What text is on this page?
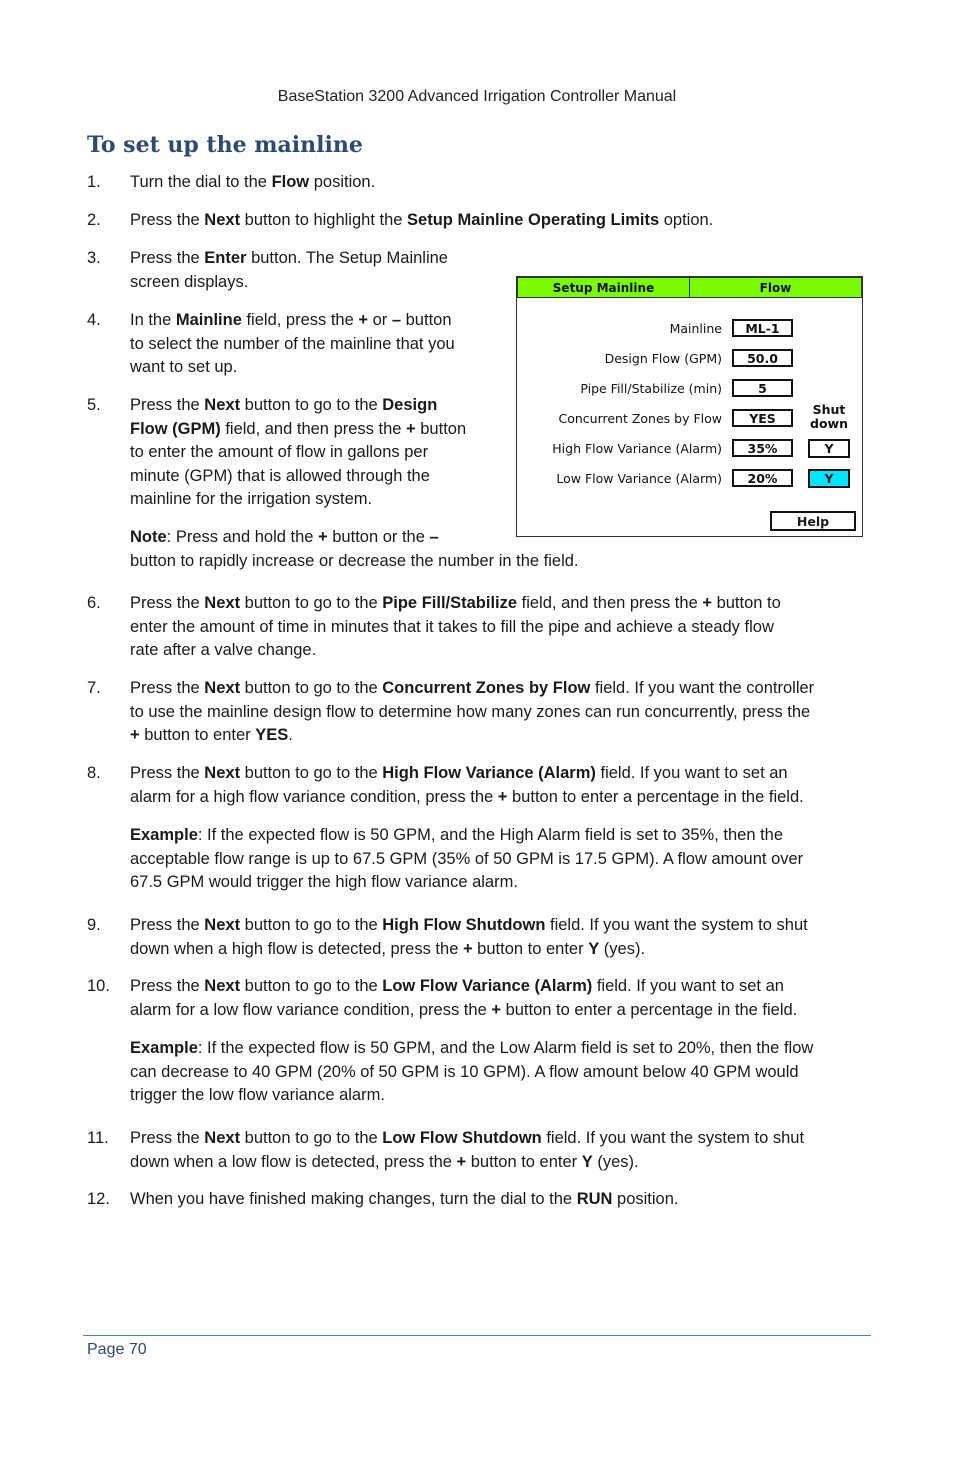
BaseStation 3200 Advanced Irrigation Controller Manual
To set up the mainline
1. Turn the dial to the Flow position.
2. Press the Next button to highlight the Setup Mainline Operating Limits option.
3. Press the Enter button. The Setup Mainline
screen displays.
4. In the Mainline field, press the + or – button
to select the number of the mainline that you
want to set up.
5. Press the Next button to go to the Design
Flow (GPM) field, and then press the + button
to enter the amount of flow in gallons per
minute (GPM) that is allowed through the
mainline for the irrigation system.
Note: Press and hold the + button or the –
button to rapidly increase or decrease the number in the field.
Setup Mainline	Flow
Mainline	ML-1
Design Flow (GPM)	50.0
Pipe Fill/Stabilize (min)	5
Concurrent Zones by Flow	YES
Shut
down
High Flow Variance (Alarm)	35%	Y
Low Flow Variance (Alarm)	20%	Y
Help
6. Press the Next button to go to the Pipe Fill/Stabilize field, and then press the + button to
enter the amount of time in minutes that it takes to fill the pipe and achieve a steady flow
rate after a valve change.
7. Press the Next button to go to the Concurrent Zones by Flow field. If you want the controller
to use the mainline design flow to determine how many zones can run concurrently, press the
+ button to enter YES.
8. Press the Next button to go to the High Flow Variance (Alarm) field. If you want to set an
alarm for a high flow variance condition, press the + button to enter a percentage in the field.
Example: If the expected flow is 50 GPM, and the High Alarm field is set to 35%, then the
acceptable flow range is up to 67.5 GPM (35% of 50 GPM is 17.5 GPM). A flow amount over
67.5 GPM would trigger the high flow variance alarm.
9. Press the Next button to go to the High Flow Shutdown field. If you want the system to shut
down when a high flow is detected, press the + button to enter Y (yes).
10. Press the Next button to go to the Low Flow Variance (Alarm) field. If you want to set an
alarm for a low flow variance condition, press the + button to enter a percentage in the field.
Example: If the expected flow is 50 GPM, and the Low Alarm field is set to 20%, then the flow
can decrease to 40 GPM (20% of 50 GPM is 10 GPM). A flow amount below 40 GPM would
trigger the low flow variance alarm.
11. Press the Next button to go to the Low Flow Shutdown field. If you want the system to shut
down when a low flow is detected, press the + button to enter Y (yes).
12. When you have finished making changes, turn the dial to the RUN position.
Page 70
